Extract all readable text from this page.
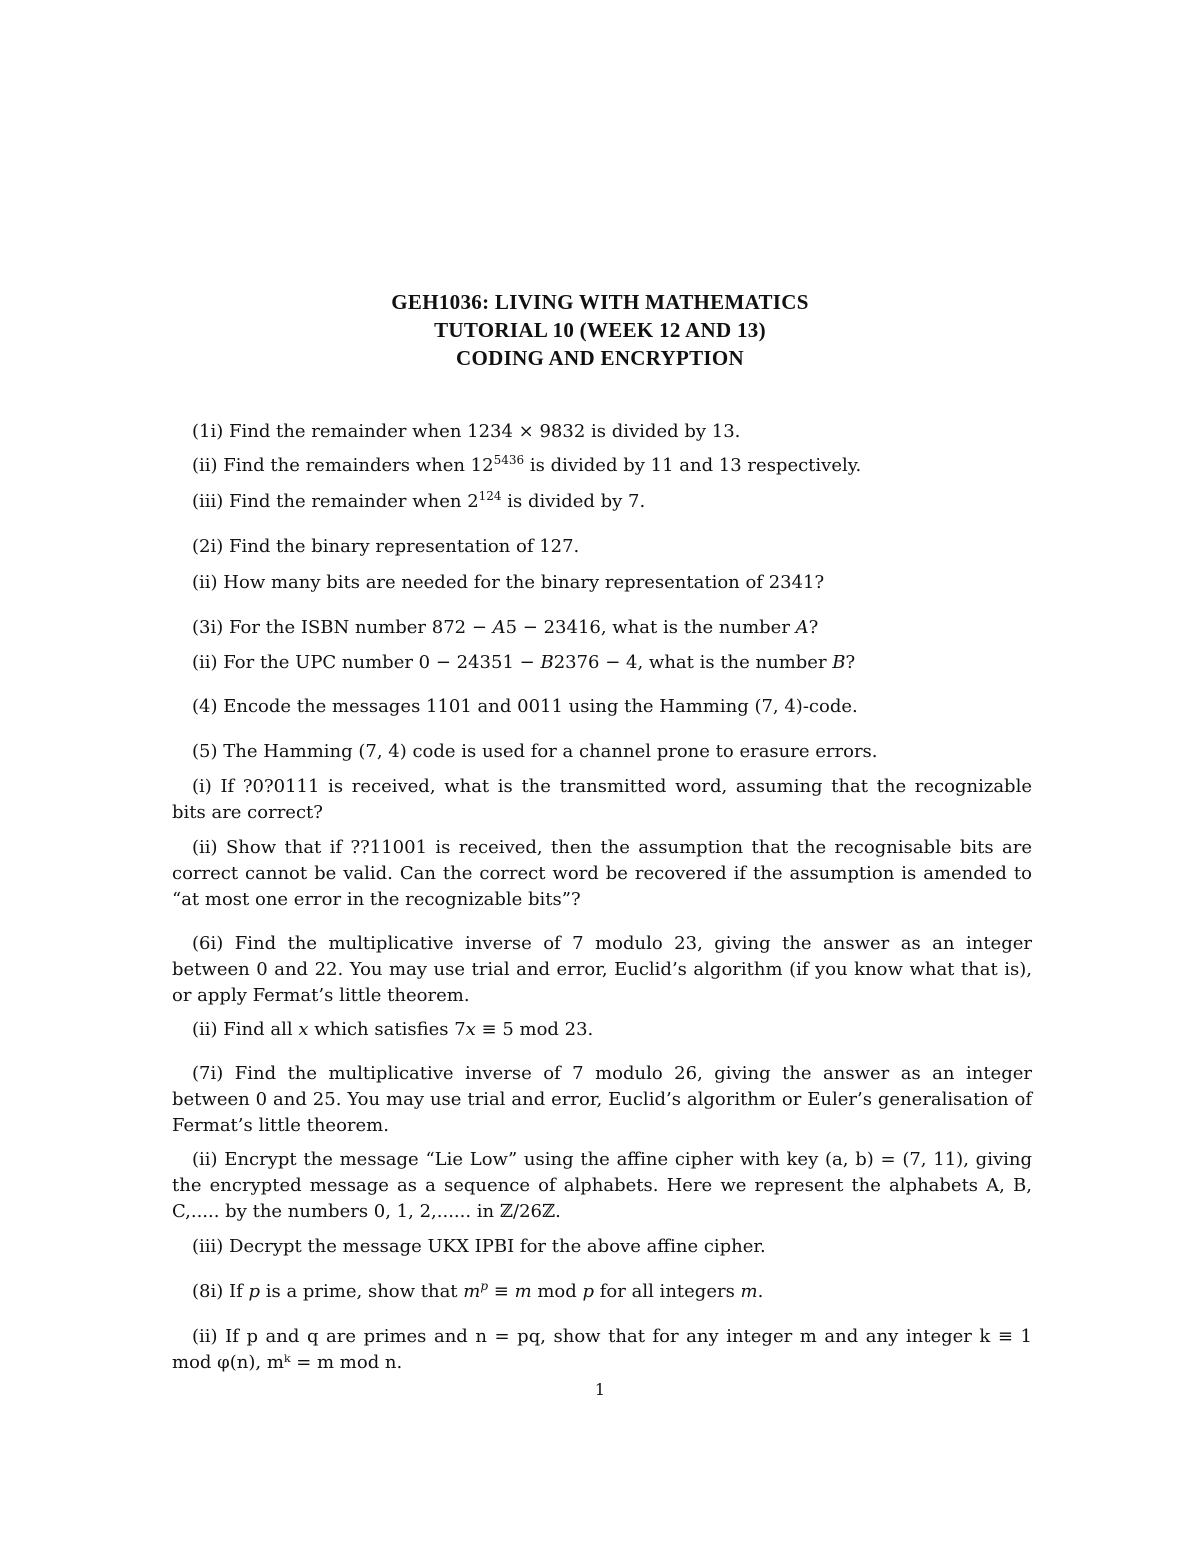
GEH1036: LIVING WITH MATHEMATICS
TUTORIAL 10 (WEEK 12 AND 13)
CODING AND ENCRYPTION
(1i) Find the remainder when 1234 × 9832 is divided by 13.
(ii) Find the remainders when $12^{5436}$ is divided by 11 and 13 respectively.
(iii) Find the remainder when $2^{124}$ is divided by 7.
(2i) Find the binary representation of 127.
(ii) How many bits are needed for the binary representation of 2341?
(3i) For the ISBN number 872 − A5 − 23416, what is the number A?
(ii) For the UPC number 0 − 24351 − B2376 − 4, what is the number B?
(4) Encode the messages 1101 and 0011 using the Hamming (7, 4)-code.
(5) The Hamming (7, 4) code is used for a channel prone to erasure errors.
(i) If ?0?0111 is received, what is the transmitted word, assuming that the recognizable bits are correct?
(ii) Show that if ??11001 is received, then the assumption that the recognisable bits are correct cannot be valid. Can the correct word be recovered if the assumption is amended to “at most one error in the recognizable bits”?
(6i) Find the multiplicative inverse of 7 modulo 23, giving the answer as an integer between 0 and 22. You may use trial and error, Euclid’s algorithm (if you know what that is), or apply Fermat’s little theorem.
(ii) Find all x which satisfies 7x ≡ 5 mod 23.
(7i) Find the multiplicative inverse of 7 modulo 26, giving the answer as an integer between 0 and 25. You may use trial and error, Euclid’s algorithm or Euler’s generalisation of Fermat’s little theorem.
(ii) Encrypt the message “Lie Low” using the affine cipher with key (a, b) = (7, 11), giving the encrypted message as a sequence of alphabets. Here we represent the alphabets A, B, C,..... by the numbers 0, 1, 2,...... in ℤ/26ℤ.
(iii) Decrypt the message UKX IPBI for the above affine cipher.
(8i) If p is a prime, show that $m^p \equiv m$ mod p for all integers m.
(ii) If p and q are primes and n = pq, show that for any integer m and any integer k ≡ 1 mod φ(n), mᵏ = m mod n.
1
